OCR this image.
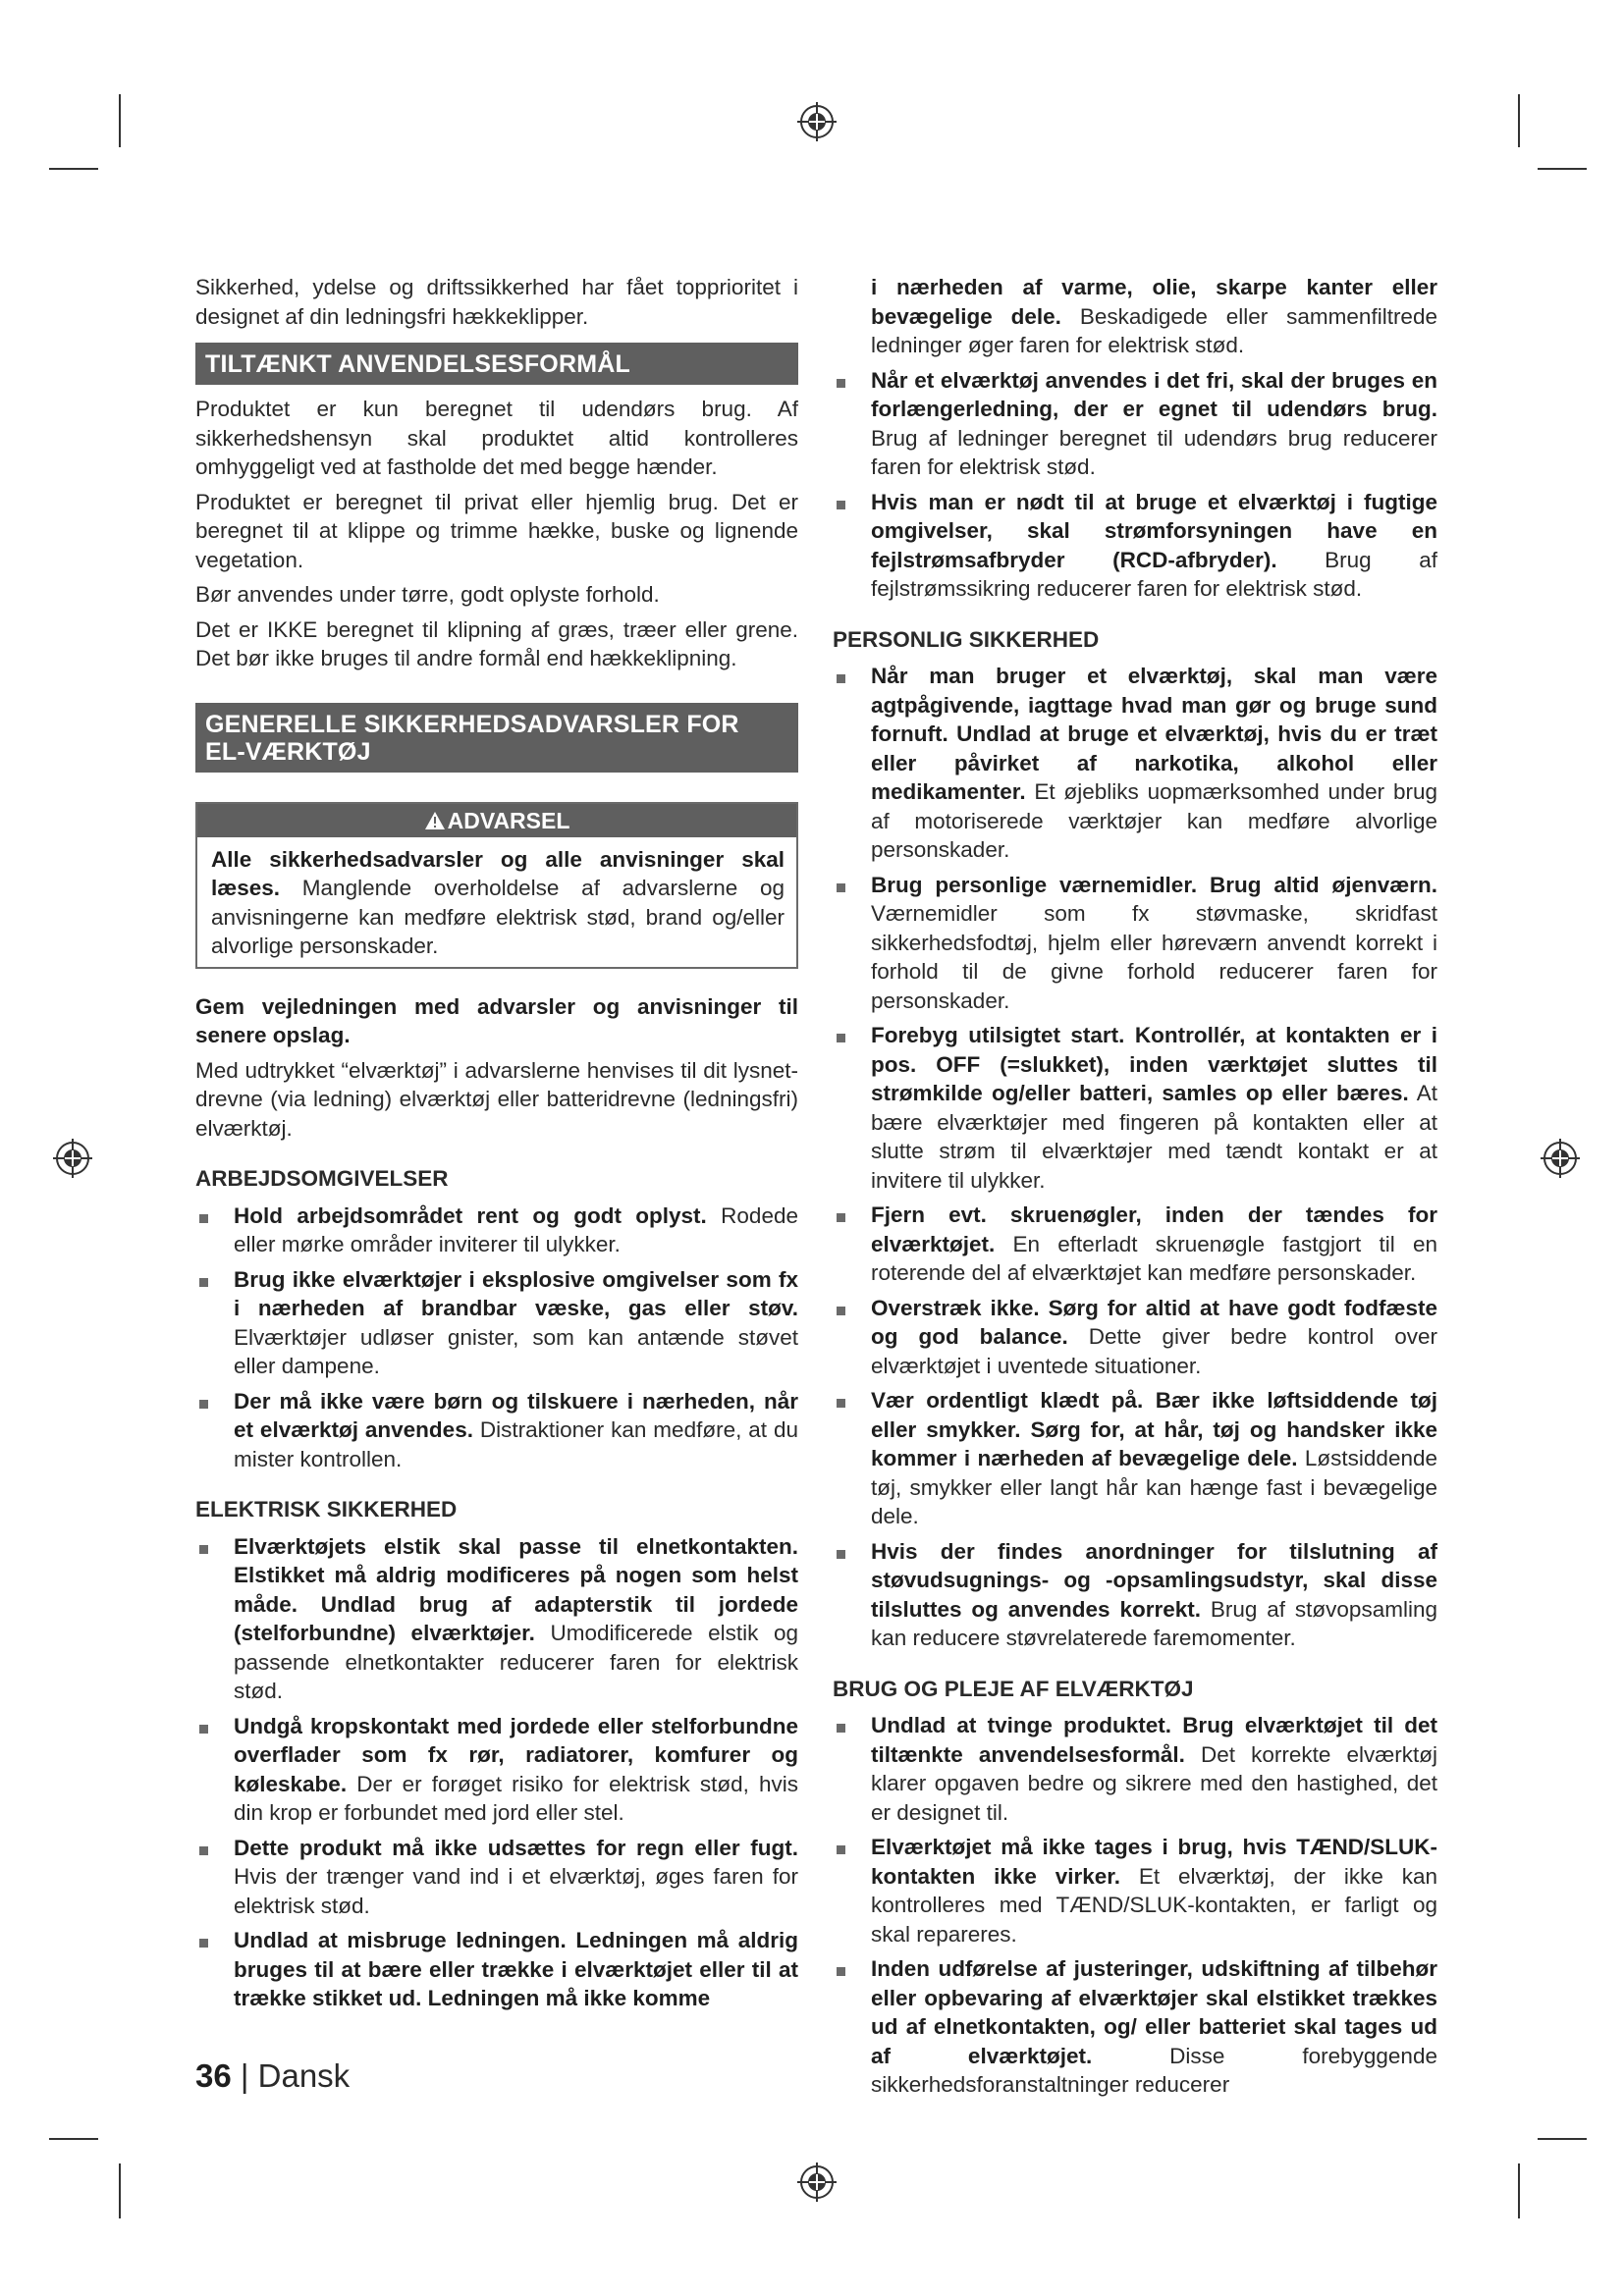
Sikkerhed, ydelse og driftssikkerhed har fået topprioritet i designet af din ledningsfri hækkeklipper.

TILTÆNKT ANVENDELSESFORMÅL

Produktet er kun beregnet til udendørs brug. Af sikkerhedshensyn skal produktet altid kontrolleres omhyggeligt ved at fastholde det med begge hænder.

Produktet er beregnet til privat eller hjemlig brug. Det er beregnet til at klippe og trimme hække, buske og lignende vegetation.

Bør anvendes under tørre, godt oplyste forhold.

Det er IKKE beregnet til klipning af græs, træer eller grene. Det bør ikke bruges til andre formål end hækkeklipning.

GENERELLE SIKKERHEDSADVARSLER FOR
EL-VÆRKTØJ
ADVARSEL

Alle sikkerhedsadvarsler og alle anvisninger skal læses. Manglende overholdelse af advarslerne og anvisningerne kan medføre elektrisk stød, brand og/eller alvorlige personskader.

Gem vejledningen med advarsler og anvisninger til senere opslag.

Med udtrykket “elværktøj” i advarslerne henvises til dit lysnet-drevne (via ledning) elværktøj eller batteridrevne (ledningsfri) elværktøj.

ARBEJDSOMGIVELSER
Hold arbejdsområdet rent og godt oplyst. Rodede eller mørke områder inviterer til ulykker.
Brug ikke elværktøjer i eksplosive omgivelser som fx i nærheden af brandbar væske, gas eller støv. Elværktøjer udløser gnister, som kan antænde støvet eller dampene.
Der må ikke være børn og tilskuere i nærheden, når et elværktøj anvendes. Distraktioner kan medføre, at du mister kontrollen.
ELEKTRISK SIKKERHED
Elværktøjets elstik skal passe til elnetkontakten. Elstikket må aldrig modificeres på nogen som helst måde. Undlad brug af adapterstik til jordede (stelforbundne) elværktøjer. Umodificerede elstik og passende elnetkontakter reducerer faren for elektrisk stød.
Undgå kropskontakt med jordede eller stelforbundne overflader som fx rør, radiatorer, komfurer og køleskabe. Der er forøget risiko for elektrisk stød, hvis din krop er forbundet med jord eller stel.
Dette produkt må ikke udsættes for regn eller fugt. Hvis der trænger vand ind i et elværktøj, øges faren for elektrisk stød.
Undlad at misbruge ledningen. Ledningen må aldrig bruges til at bære eller trække i elværktøjet eller til at trække stikket ud. Ledningen må ikke komme

i nærheden af varme, olie, skarpe kanter eller bevægelige dele. Beskadigede eller sammenfiltrede ledninger øger faren for elektrisk stød.

Når et elværktøj anvendes i det fri, skal der bruges en forlængerledning, der er egnet til udendørs brug. Brug af ledninger beregnet til udendørs brug reducerer faren for elektrisk stød.
Hvis man er nødt til at bruge et elværktøj i fugtige omgivelser, skal strømforsyningen have en fejlstrømsafbryder (RCD-afbryder). Brug af fejlstrømssikring reducerer faren for elektrisk stød.
PERSONLIG SIKKERHED
Når man bruger et elværktøj, skal man være agtpågivende, iagttage hvad man gør og bruge sund fornuft. Undlad at bruge et elværktøj, hvis du er træt eller påvirket af narkotika, alkohol eller medikamenter. Et øjebliks uopmærksomhed under brug af motoriserede værktøjer kan medføre alvorlige personskader.
Brug personlige værnemidler. Brug altid øjenværn. Værnemidler som fx støvmaske, skridfast sikkerhedsfodtøj, hjelm eller høreværn anvendt korrekt i forhold til de givne forhold reducerer faren for personskader.
Forebyg utilsigtet start. Kontrollér, at kontakten er i pos. OFF (=slukket), inden værktøjet sluttes til strømkilde og/eller batteri, samles op eller bæres. At bære elværktøjer med fingeren på kontakten eller at slutte strøm til elværktøjer med tændt kontakt er at invitere til ulykker.
Fjern evt. skruenøgler, inden der tændes for elværktøjet. En efterladt skruenøgle fastgjort til en roterende del af elværktøjet kan medføre personskader.
Overstræk ikke. Sørg for altid at have godt fodfæste og god balance. Dette giver bedre kontrol over elværktøjet i uventede situationer.
Vær ordentligt klædt på. Bær ikke løftsiddende tøj eller smykker. Sørg for, at hår, tøj og handsker ikke kommer i nærheden af bevægelige dele. Løstsiddende tøj, smykker eller langt hår kan hænge fast i bevægelige dele.
Hvis der findes anordninger for tilslutning af støvudsugnings- og -opsamlingsudstyr, skal disse tilsluttes og anvendes korrekt. Brug af støvopsamling kan reducere støvrelaterede faremomenter.
BRUG OG PLEJE AF ELVÆRKTØJ
Undlad at tvinge produktet. Brug elværktøjet til det tiltænkte anvendelsesformål. Det korrekte elværktøj klarer opgaven bedre og sikrere med den hastighed, det er designet til.
Elværktøjet må ikke tages i brug, hvis TÆND/SLUK-kontakten ikke virker. Et elværktøj, der ikke kan kontrolleres med TÆND/SLUK-kontakten, er farligt og skal repareres.
Inden udførelse af justeringer, udskiftning af tilbehør eller opbevaring af elværktøjer skal elstikket trækkes ud af elnetkontakten, og/ eller batteriet skal tages ud af elværktøjet.	Disse forebyggende sikkerhedsforanstaltninger reducerer
36 | Dansk
